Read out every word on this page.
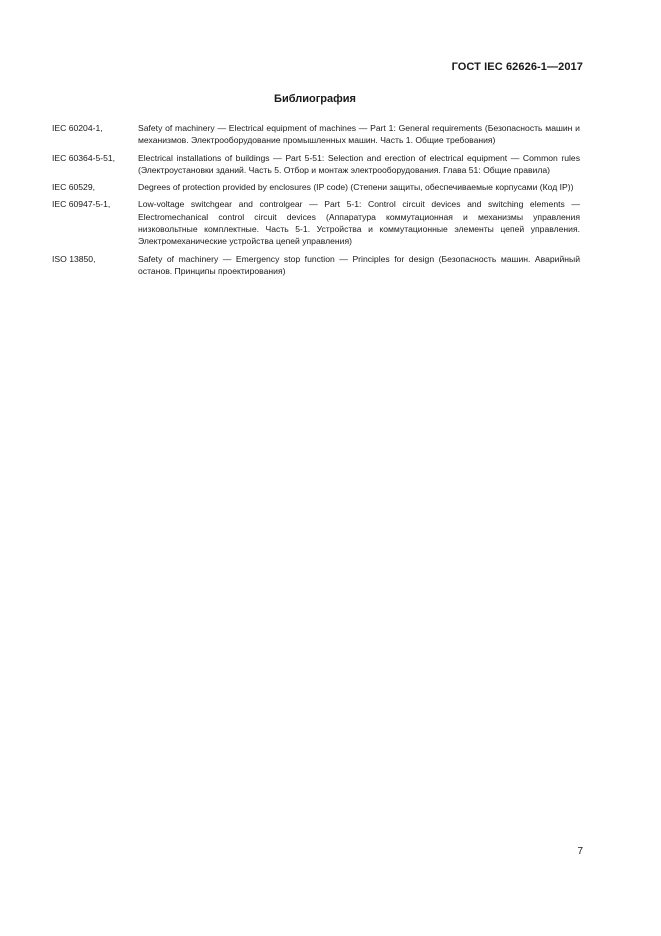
ГОСТ IEC 62626-1—2017
Библиография
IEC 60204-1,	Safety of machinery — Electrical equipment of machines — Part 1: General requirements (Безопасность машин и механизмов. Электрооборудование промышленных машин. Часть 1. Общие требования)
IEC 60364-5-51,	Electrical installations of buildings — Part 5-51: Selection and erection of electrical equipment — Common rules (Электроустановки зданий. Часть 5. Отбор и монтаж электрооборудования. Глава 51: Общие правила)
IEC 60529,	Degrees of protection provided by enclosures (IP code) (Степени защиты, обеспечиваемые корпусами (Код IP))
IEC 60947-5-1,	Low-voltage switchgear and controlgear — Part 5-1: Control circuit devices and switching elements — Electromechanical control circuit devices (Аппаратура коммутационная и механизмы управления низковольтные комплектные. Часть 5-1. Устройства и коммутационные элементы цепей управления. Электромеханические устройства цепей управления)
ISO 13850,	Safety of machinery — Emergency stop function — Principles for design (Безопасность машин. Аварийный останов. Принципы проектирования)
7
